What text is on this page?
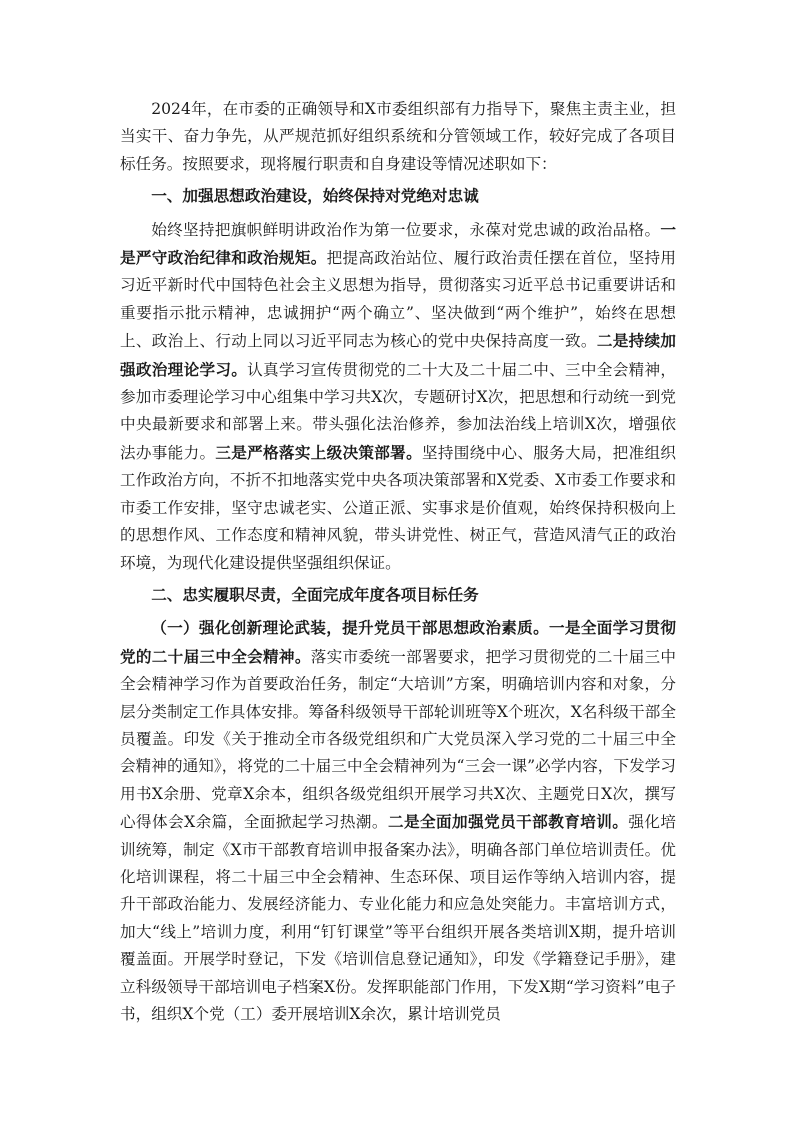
2024年，在市委的正确领导和X市委组织部有力指导下，聚焦主责主业，担当实干、奋力争先，从严规范抓好组织系统和分管领域工作，较好完成了各项目标任务。按照要求，现将履行职责和自身建设等情况述职如下：

一、加强思想政治建设，始终保持对党绝对忠诚

始终坚持把旗帜鲜明讲政治作为第一位要求，永葆对党忠诚的政治品格。一是严守政治纪律和政治规矩。把提高政治站位、履行政治责任摆在首位，坚持用习近平新时代中国特色社会主义思想为指导，贯彻落实习近平总书记重要讲话和重要指示批示精神，忠诚拥护“两个确立”、坚决做到“两个维护”，始终在思想上、政治上、行动上同以习近平同志为核心的党中央保持高度一致。二是持续加强政治理论学习。认真学习宣传贯彻党的二十大及二十届二中、三中全会精神，参加市委理论学习中心组集中学习共X次，专题研讨X次，把思想和行动统一到党中央最新要求和部署上来。带头强化法治修养，参加法治线上培训X次，增强依法办事能力。三是严格落实上级决策部署。坚持围绕中心、服务大局，把准组织工作政治方向，不折不扣地落实党中央各项决策部署和X党委、X市委工作要求和市委工作安排，坚守忠诚老实、公道正派、实事求是价值观，始终保持积极向上的思想作风、工作态度和精神风貌，带头讲党性、树正气，营造风清气正的政治环境，为现代化建设提供坚强组织保证。

二、忠实履职尽责，全面完成年度各项目标任务

（一）强化创新理论武装，提升党员干部思想政治素质。一是全面学习贯彻党的二十届三中全会精神。落实市委统一部署要求，把学习贯彻党的二十届三中全会精神学习作为首要政治任务，制定“大培训”方案，明确培训内容和对象，分层分类制定工作具体安排。筹备科级领导干部轮训班等X个班次，X名科级干部全员覆盖。印发《关于推动全市各级党组织和广大党员深入学习党的二十届三中全会精神的通知》，将党的二十届三中全会精神列为“三会一课”必学内容，下发学习用书X余册、党章X余本，组织各级党组织开展学习共X次、主题党日X次，撰写心得体会X余篇，全面掀起学习热潮。二是全面加强党员干部教育培训。强化培训统筹，制定《X市干部教育培训申报备案办法》，明确各部门单位培训责任。优化培训课程，将二十届三中全会精神、生态环保、项目运作等纳入培训内容，提升干部政治能力、发展经济能力、专业化能力和应急处突能力。丰富培训方式，加大“线上”培训力度，利用“钉钉课堂”等平台组织开展各类培训X期，提升培训覆盖面。开展学时登记，下发《培训信息登记通知》，印发《学籍登记手册》，建立科级领导干部培训电子档案X份。发挥职能部门作用，下发X期“学习资料”电子书，组织X个党（工）委开展培训X余次，累计培训党员
